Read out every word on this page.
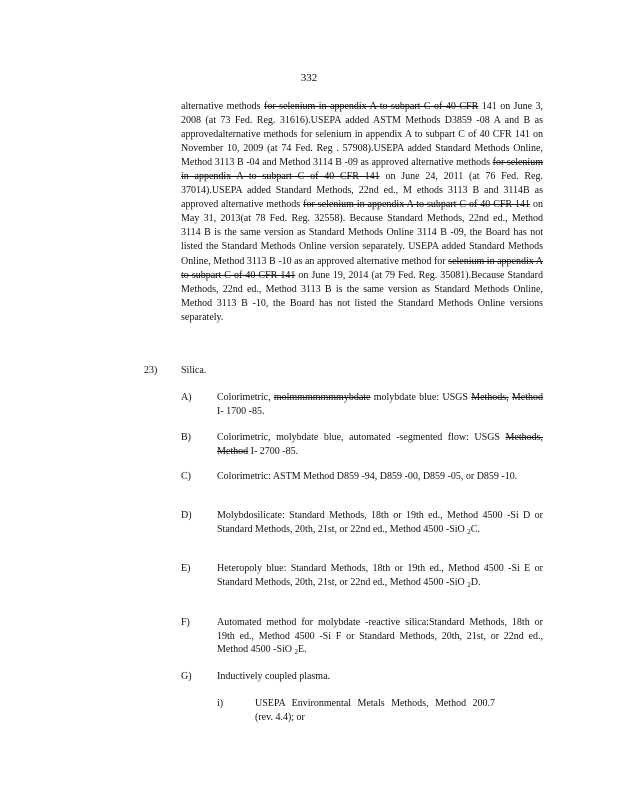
332
alternative methods for selenium in appendix A to subpart C of 40 CFR 141 on June 3, 2008 (at 73 Fed. Reg. 31616).USEPA added ASTM Methods D3859 -08 A and B as approvedalternative methods for selenium in appendix A to subpart C of 40 CFR 141 on November 10, 2009 (at 74 Fed. Reg . 57908).USEPA added Standard Methods Online, Method 3113 B -04 and Method 3114 B -09 as approved alternative methods for selenium in appendix A to subpart C of 40 CFR 141 on June 24, 2011 (at 76 Fed. Reg. 37014).USEPA added Standard Methods, 22nd ed., M ethods 3113 B and 3114B as approved alternative methods for selenium in appendix A to subpart C of 40 CFR 141 on May 31, 2013(at 78 Fed. Reg. 32558). Because Standard Methods, 22nd ed., Method 3114 B is the same version as Standard Methods Online 3114 B -09, the Board has not listed the Standard Methods Online version separately. USEPA added Standard Methods Online, Method 3113 B -10 as an approved alternative method for selenium in appendix A to subpart C of 40 CFR 141 on June 19, 2014 (at 79 Fed. Reg. 35081).Because Standard Methods, 22nd ed., Method 3113 B is the same version as Standard Methods Online, Method 3113 B -10, the Board has not listed the Standard Methods Online versions separately.
23) Silica.
A)	Colorimetric, molmmmmmmmybdate molybdate blue: USGS Methods, Method I- 1700 -85.
B)	Colorimetric, molybdate blue, automated -segmented flow: USGS Methods, Method I- 2700 -85.
C)	Colorimetric: ASTM Method D859 -94, D859 -00, D859 -05, or D859 -10.
D)	Molybdosilicate: Standard Methods, 18th or 19th ed., Method 4500 -Si D or Standard Methods, 20th, 21st, or 22nd ed., Method 4500 -SiO $_2$C.
E)	Heteropoly blue: Standard Methods, 18th or 19th ed., Method 4500 -Si E or Standard Methods, 20th, 21st, or 22nd ed., Method 4500 -SiO $_2$D.
F)	Automated method for molybdate -reactive silica:Standard Methods, 18th or 19th ed., Method 4500 -Si F or Standard Methods, 20th, 21st, or 22nd ed., Method 4500 -SiO $_2$E.
G)	Inductively coupled plasma.
i)	USEPA Environmental Metals Methods, Method 200.7 (rev. 4.4); or
